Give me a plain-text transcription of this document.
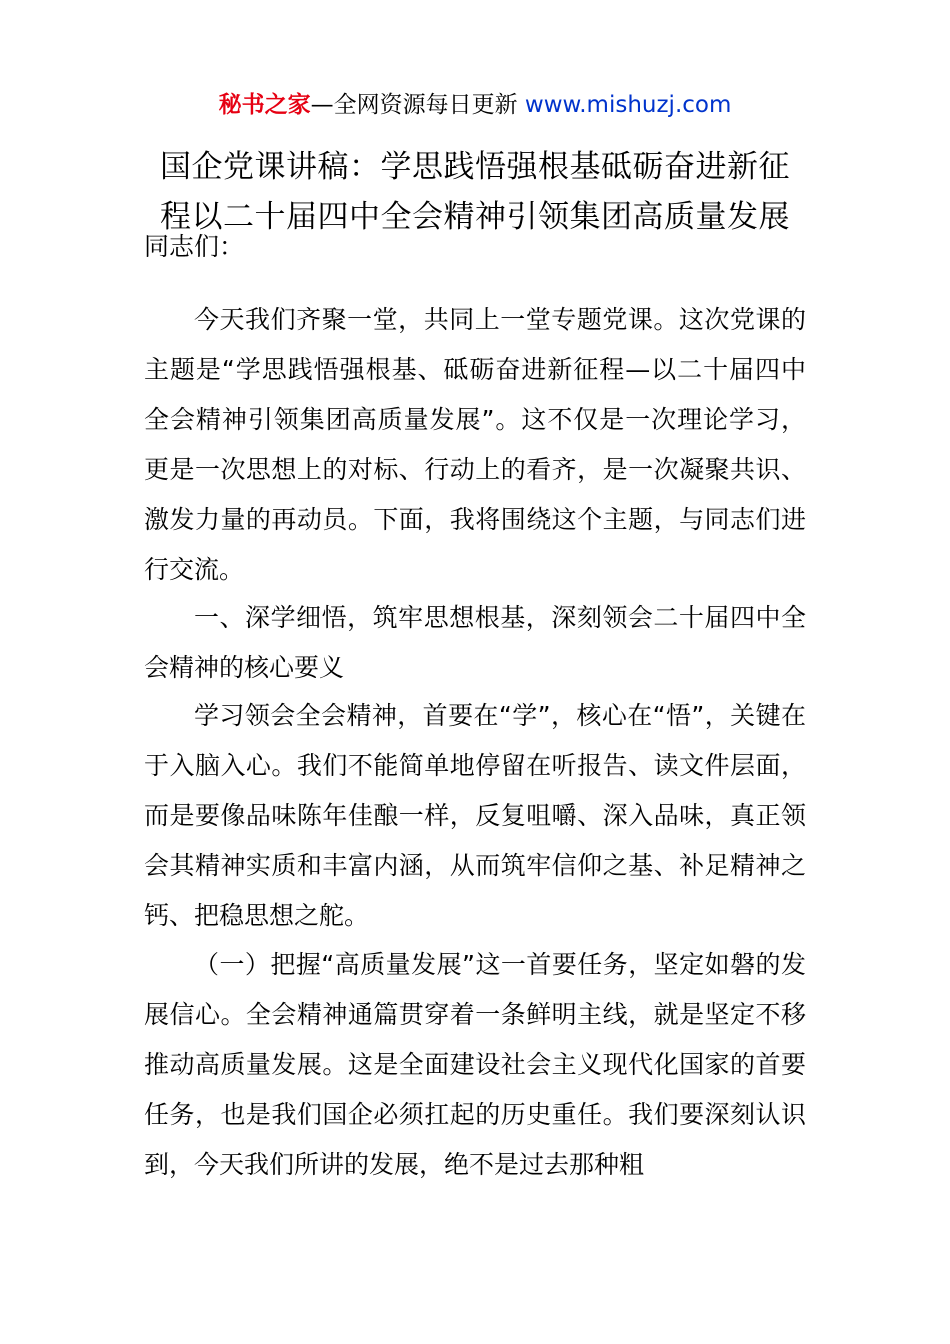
秘书之家—全网资源每日更新 www.mishuzj.com
国企党课讲稿：学思践悟强根基砥砺奋进新征
程以二十届四中全会精神引领集团高质量发展

同志们：

今天我们齐聚一堂，共同上一堂专题党课。这次党课的主题是“学思践悟强根基、砥砺奋进新征程—以二十届四中全会精神引领集团高质量发展”。这不仅是一次理论学习，更是一次思想上的对标、行动上的看齐，是一次凝聚共识、激发力量的再动员。下面，我将围绕这个主题，与同志们进行交流。

一、深学细悟，筑牢思想根基，深刻领会二十届四中全会精神的核心要义

学习领会全会精神，首要在“学”，核心在“悟”，关键在于入脑入心。我们不能简单地停留在听报告、读文件层面，而是要像品味陈年佳酿一样，反复咀嚼、深入品味，真正领会其精神实质和丰富内涵，从而筑牢信仰之基、补足精神之钙、把稳思想之舵。

（一）把握“高质量发展”这一首要任务，坚定如磐的发展信心。全会精神通篇贯穿着一条鲜明主线，就是坚定不移推动高质量发展。这是全面建设社会主义现代化国家的首要任务，也是我们国企必须扛起的历史重任。我们要深刻认识到，今天我们所讲的发展，绝不是过去那种粗
